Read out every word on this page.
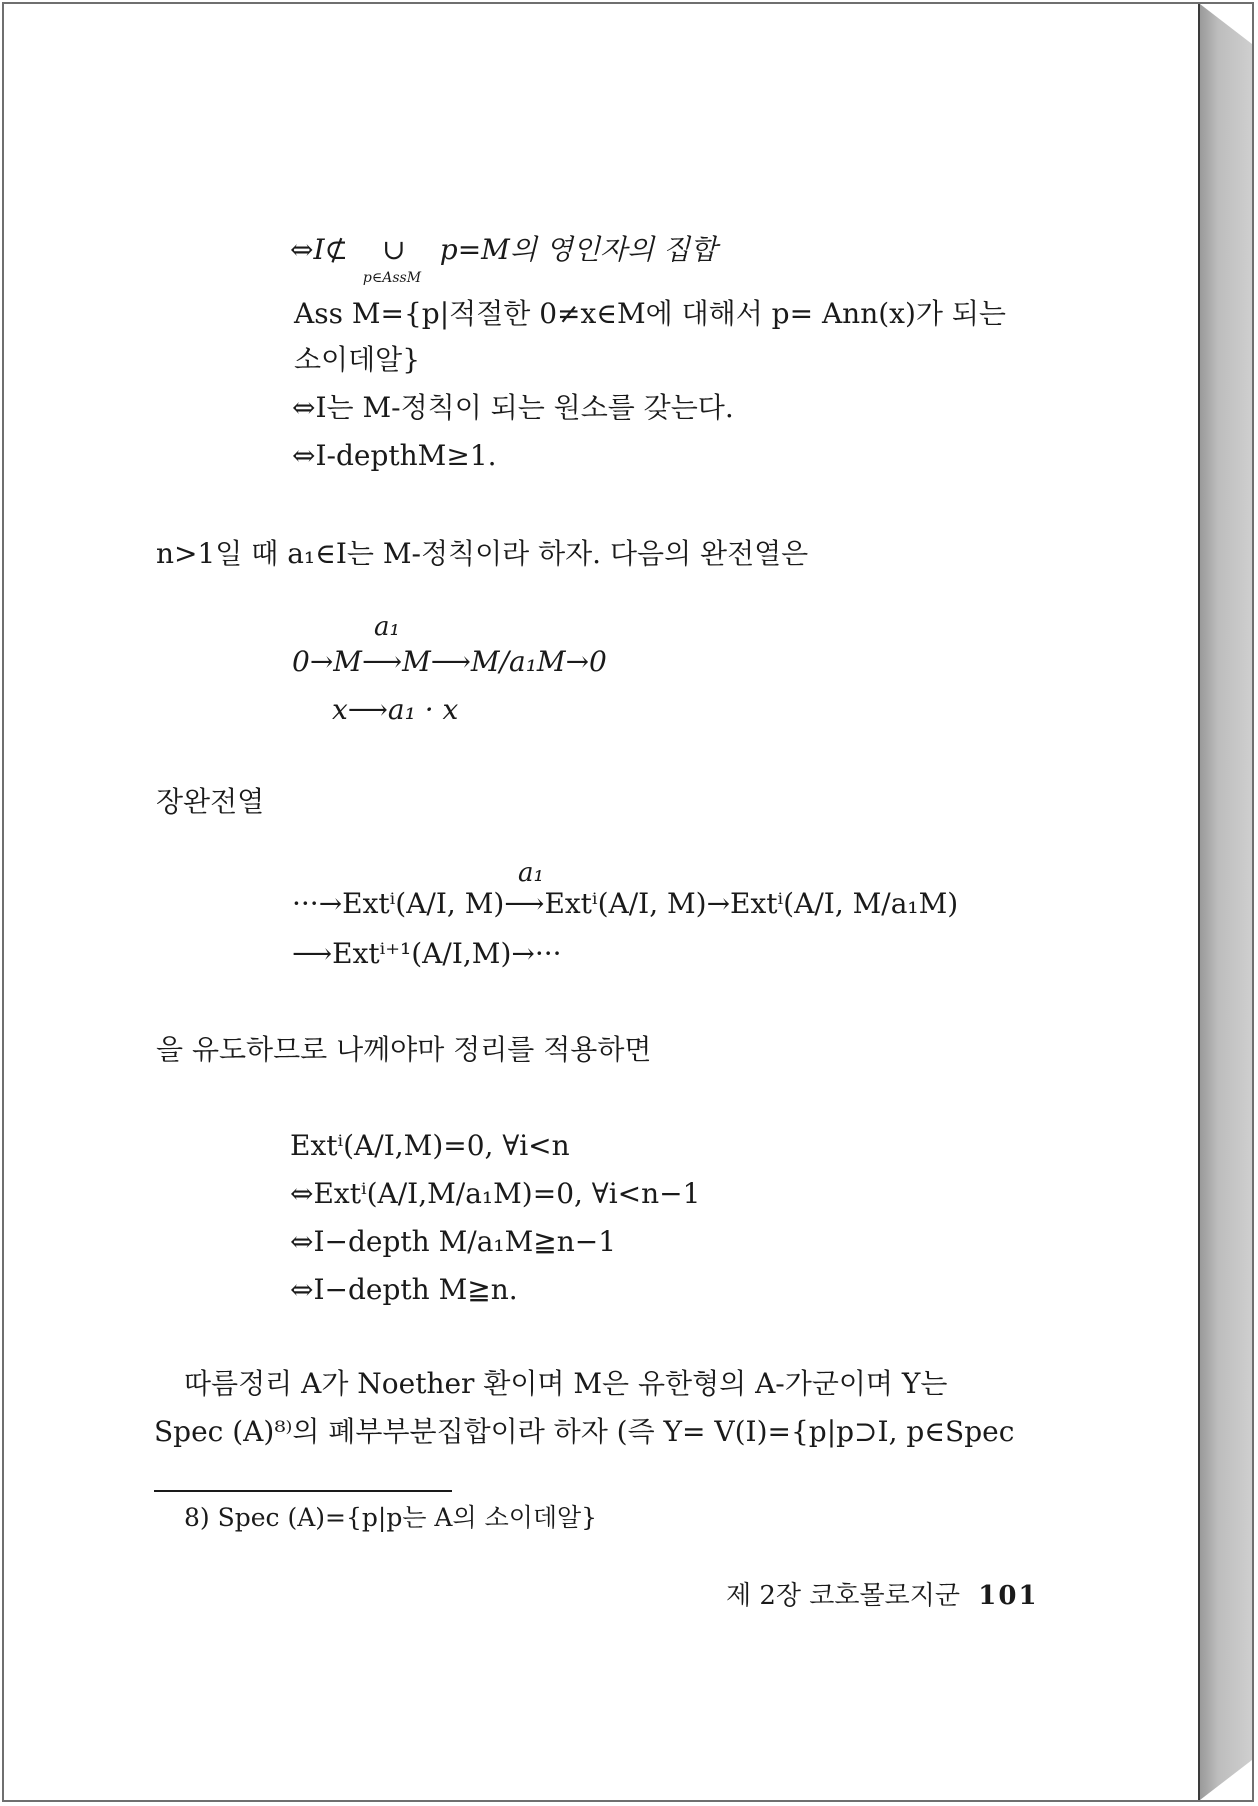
⇔I⊄ ∪
p∈AssM
p=M의 영인자의 집합
Ass M={p|적절한 0≠x∈M에 대해서 p= Ann(x)가 되는
소이데알}
⇔I는 M-정칙이 되는 원소를 갖는다.
⇔I-depthM≥1.
n>1일 때 a₁∈I는 M-정칙이라 하자. 다음의 완전열은
a₁
0→M⟶M⟶M/a₁M→0
x⟶a₁ · x
장완전열
a₁
···→Extⁱ(A/I, M)⟶Extⁱ(A/I, M)→Extⁱ(A/I, M/a₁M)
⟶Extⁱ⁺¹(A/I,M)→···
을 유도하므로 나께야마 정리를 적용하면
Extⁱ(A/I,M)=0, ∀i<n
⇔Extⁱ(A/I,M/a₁M)=0, ∀i<n−1
⇔I−depth M/a₁M≧n−1
⇔I−depth M≧n.
따름정리 A가 Noether 환이며 M은 유한형의 A-가군이며 Y는
Spec (A)⁸⁾의 폐부부분집합이라 하자 (즉 Y= V(I)={p|p⊃I, p∈Spec
8) Spec (A)={p|p는 A의 소이데알}
제 2장 코호몰로지군 101
